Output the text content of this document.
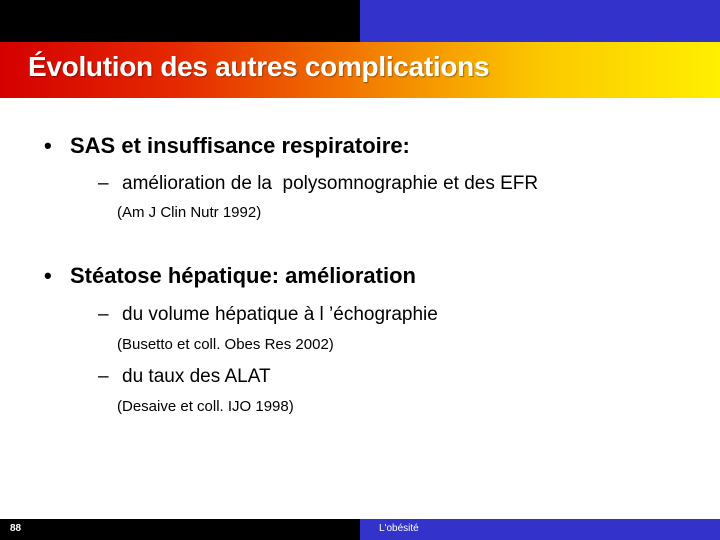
Évolution des autres complications
• SAS et insuffisance respiratoire:
– amélioration de la  polysomnographie et des EFR
(Am J Clin Nutr 1992)
• Stéatose hépatique: amélioration
– du volume hépatique à l ’échographie
(Busetto et coll. Obes Res 2002)
– du taux des ALAT
(Desaive et coll. IJO 1998)
88	L'obésité
